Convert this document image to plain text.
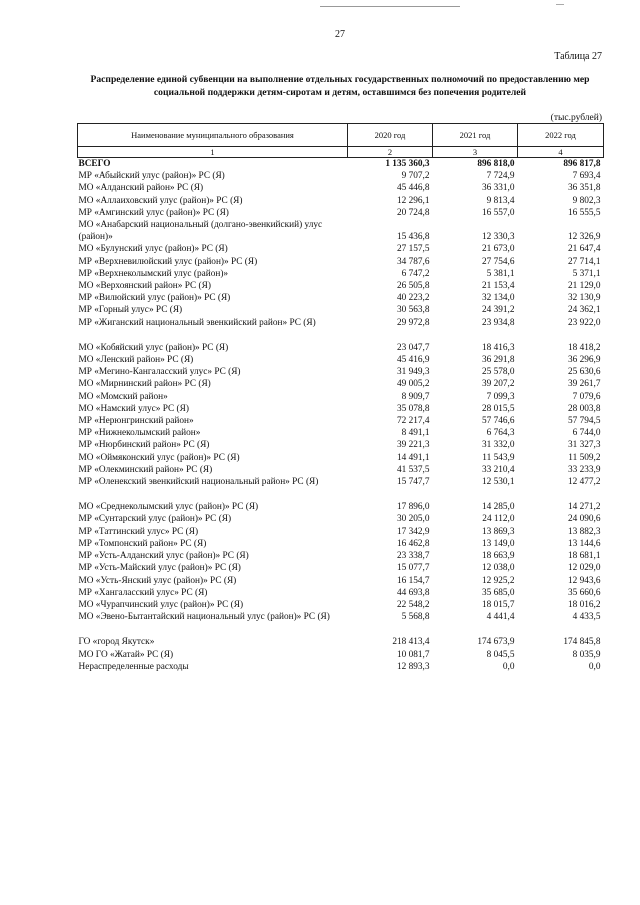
27
Таблица 27
Распределение единой субвенции на выполнение отдельных государственных полномочий по предоставлению мер социальной поддержки детям-сиротам и детям, оставшимся без попечения родителей
(тыс.рублей)
Наименование муниципального образования	2020 год	2021 год	2022 год
1	2	3	4
ВСЕГО	1 135 360,3	896 818,0	896 817,8
МР «Абыйский улус (район)» РС (Я)	9 707,2	7 724,9	7 693,4
МО «Алданский район» РС (Я)	45 446,8	36 331,0	36 351,8
МО «Аллаиховский улус (район)» РС (Я)	12 296,1	9 813,4	9 802,3
МР «Амгинский улус (район)» РС (Я)	20 724,8	16 557,0	16 555,5
МО «Анабарский национальный (долгано-эвенкийский) улус (район)»	15 436,8	12 330,3	12 326,9
МО «Булунский улус (район)» РС (Я)	27 157,5	21 673,0	21 647,4
МР «Верхневилюйский улус (район)» РС (Я)	34 787,6	27 754,6	27 714,1
МР «Верхнеколымский улус (район)»	6 747,2	5 381,1	5 371,1
МО «Верхоянский район» РС (Я)	26 505,8	21 153,4	21 129,0
МР «Вилюйский улус (район)» РС (Я)	40 223,2	32 134,0	32 130,9
МР «Горный улус» РС (Я)	30 563,8	24 391,2	24 362,1
МР «Жиганский национальный эвенкийский район» РС (Я)	29 972,8	23 934,8	23 922,0

МО «Кобяйский улус (район)» РС (Я)	23 047,7	18 416,3	18 418,2
МО «Ленский район» РС (Я)	45 416,9	36 291,8	36 296,9
МР «Мегино-Кангаласский улус» РС (Я)	31 949,3	25 578,0	25 630,6
МО «Мирнинский район» РС (Я)	49 005,2	39 207,2	39 261,7
МО «Момский район»	8 909,7	7 099,3	7 079,6
МО «Намский улус» РС (Я)	35 078,8	28 015,5	28 003,8
МР «Нерюнгринский район»	72 217,4	57 746,6	57 794,5
МР «Нижнеколымский район»	8 491,1	6 764,3	6 744,0
МР «Нюрбинский район» РС (Я)	39 221,3	31 332,0	31 327,3
МО «Оймяконский улус (район)» РС (Я)	14 491,1	11 543,9	11 509,2
МР «Олекминский район» РС (Я)	41 537,5	33 210,4	33 233,9
МР «Оленекский эвенкийский национальный район» РС (Я)	15 747,7	12 530,1	12 477,2

МО «Среднеколымский улус (район)» РС (Я)	17 896,0	14 285,0	14 271,2
МР «Сунтарский улус (район)» РС (Я)	30 205,0	24 112,0	24 090,6
МР «Таттинский улус» РС (Я)	17 342,9	13 869,3	13 882,3
МР «Томпонский район» РС (Я)	16 462,8	13 149,0	13 144,6
МР «Усть-Алданский улус (район)» РС (Я)	23 338,7	18 663,9	18 681,1
МР «Усть-Майский улус (район)» РС (Я)	15 077,7	12 038,0	12 029,0
МО «Усть-Янский улус (район)» РС (Я)	16 154,7	12 925,2	12 943,6
МР «Хангаласский улус» РС (Я)	44 693,8	35 685,0	35 660,6
МО «Чурапчинский улус (район)» РС (Я)	22 548,2	18 015,7	18 016,2
МО «Эвено-Бытантайский национальный улус (район)» РС (Я)	5 568,8	4 441,4	4 433,5

ГО «город Якутск»	218 413,4	174 673,9	174 845,8
МО ГО «Жатай» РС (Я)	10 081,7	8 045,5	8 035,9
Нераспределенные расходы	12 893,3	0,0	0,0
